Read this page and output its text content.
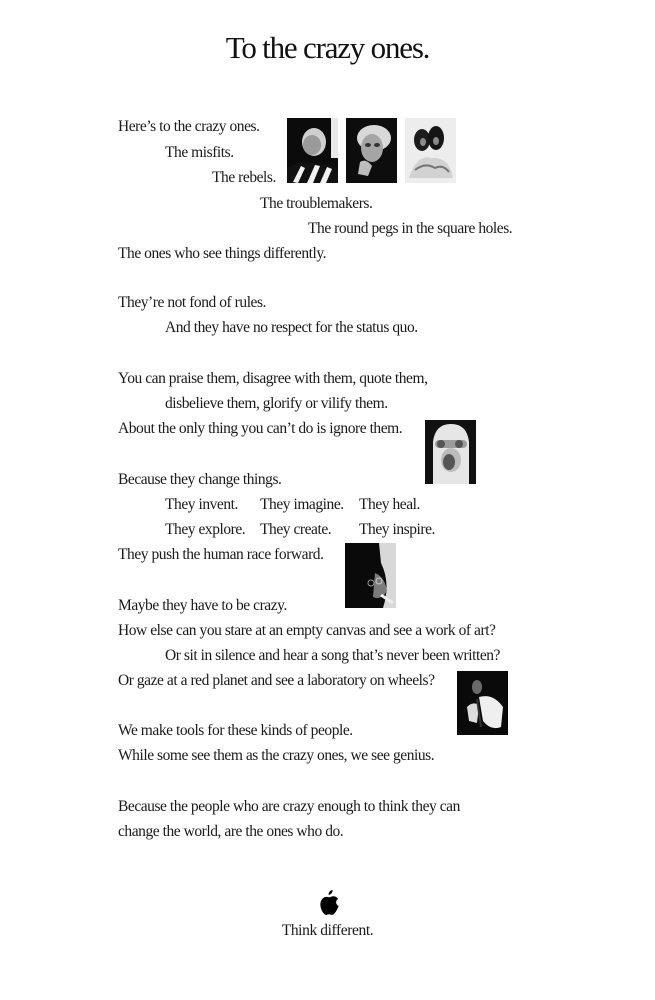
To the crazy ones.
Here’s to the crazy ones.
The misfits.
The rebels.
The troublemakers.
The round pegs in the square holes.
The ones who see things differently.
They’re not fond of rules.
And they have no respect for the status quo.
You can praise them, disagree with them, quote them,
disbelieve them, glorify or vilify them.
About the only thing you can’t do is ignore them.
Because they change things.
They invent. They imagine. They heal.
They explore. They create. They inspire.
They push the human race forward.
Maybe they have to be crazy.
How else can you stare at an empty canvas and see a work of art?
Or sit in silence and hear a song that’s never been written?
Or gaze at a red planet and see a laboratory on wheels?
We make tools for these kinds of people.
While some see them as the crazy ones, we see genius.
Because the people who are crazy enough to think they can
change the world, are the ones who do.
Think different.
